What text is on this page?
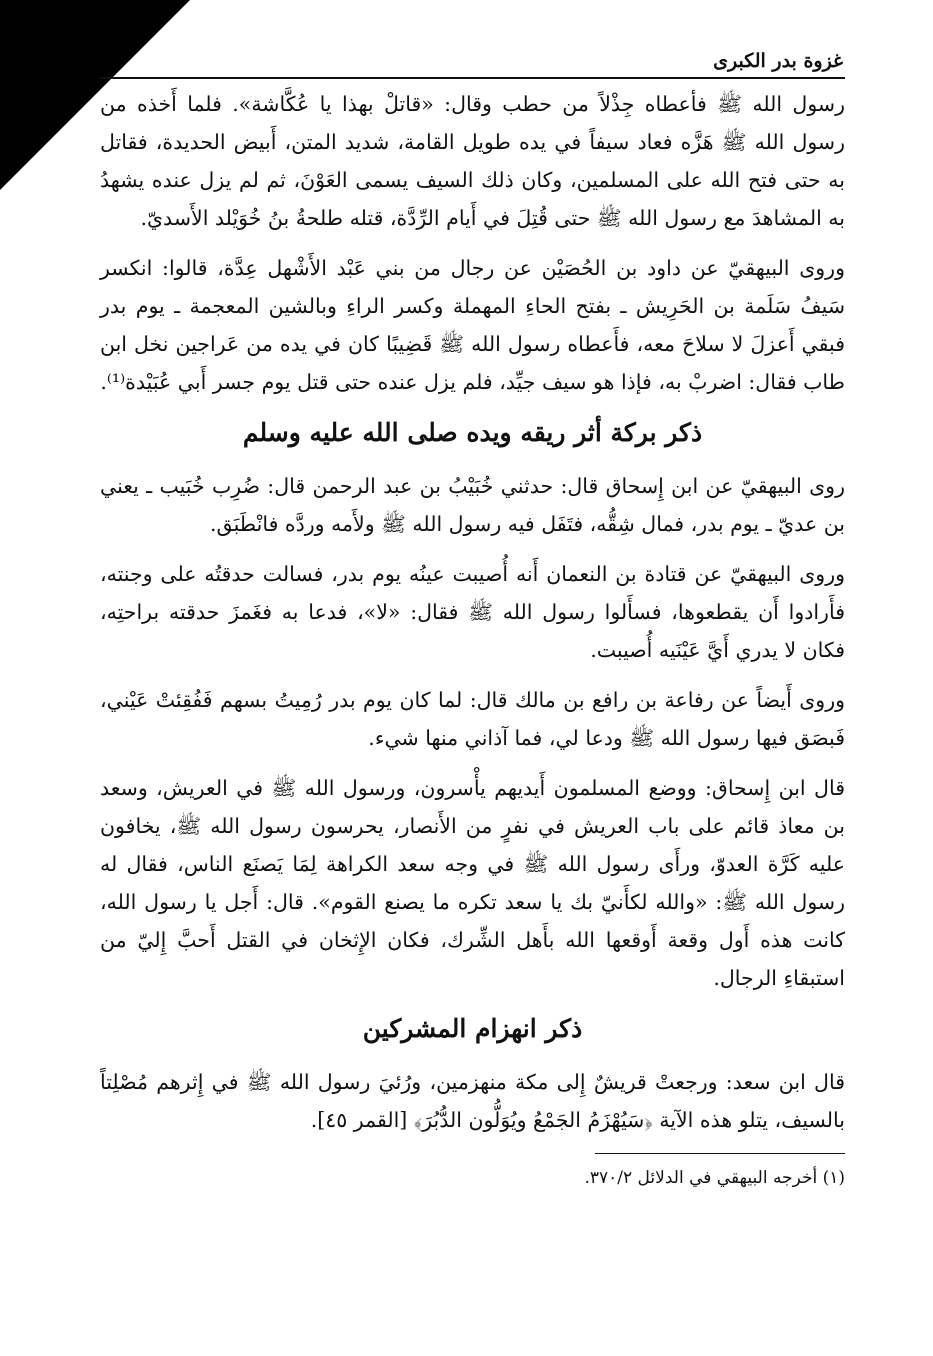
غزوة بدر الكبرى

رسول الله ﷺ فأعطاه جِذْلاً من حطب وقال: «قاتلْ بهذا يا عُكَّاشة». فلما أَخذه من رسول الله ﷺ هَزَّه فعاد سيفاً في يده طويل القامة، شديد المتن، أَبيض الحديدة، فقاتل به حتى فتح الله على المسلمين، وكان ذلك السيف يسمى العَوْنَ، ثم لم يزل عنده يشهدُ به المشاهدَ مع رسول الله ﷺ حتى قُتِلَ في أَيام الرِّدَّة، قتله طلحةُ بنُ خُوَيْلد الأَسديّ.

وروى البيهقيّ عن داود بن الحُصَيْن عن رجال من بني عَبْد الأَشْهل عِدَّة، قالوا: انكسر سَيفُ سَلَمة بن الحَرِيش ـ بفتح الحاءِ المهملة وكسر الراءِ وبالشين المعجمة ـ يوم بدر فبقي أَعزلَ لا سلاحَ معه، فأَعطاه رسول الله ﷺ قَضِيبًا كان في يده من عَراجين نخل ابن طاب فقال: اضربْ به، فإذا هو سيف جيِّد، فلم يزل عنده حتى قتل يوم جسر أَبي عُبَيْدة⁽¹⁾.

ذكر بركة أثر ريقه ويده صلى الله عليه وسلم

روى البيهقيّ عن ابن إِسحاق قال: حدثني خُبَيْبُ بن عبد الرحمن قال: ضُرِب خُبَيب ـ يعني بن عديّ ـ يوم بدر، فمال شِقُّه، فتَفَل فيه رسول الله ﷺ ولأَمه وردَّه فانْطَبَق.

وروى البيهقيّ عن قتادة بن النعمان أَنه أُصيبت عينُه يوم بدر، فسالت حدقتُه على وجنته، فأَرادوا أَن يقطعوها، فسأَلوا رسول الله ﷺ فقال: «لا»، فدعا به فغَمزَ حدقته براحتِه، فكان لا يدري أَيَّ عَيْنَيه أُصيبت.

وروى أَيضاً عن رفاعة بن رافع بن مالك قال: لما كان يوم بدر رُمِيتُ بسهم فَفُقِئتْ عَيْني، فَبصَق فيها رسول الله ﷺ ودعا لي، فما آذاني منها شيء.

قال ابن إِسحاق: ووضع المسلمون أَيديهم يأْسرون، ورسول الله ﷺ في العريش، وسعد بن معاذ قائم على باب العريش في نفرٍ من الأَنصار، يحرسون رسول الله ﷺ، يخافون عليه كَرَّة العدوّ، ورأَى رسول الله ﷺ في وجه سعد الكراهة لِمَا يَصنَع الناس، فقال له رسول الله ﷺ: «والله لكأَنيّ بك يا سعد تكره ما يصنع القوم». قال: أَجل يا رسول الله، كانت هذه أَول وقعة أَوقعها الله بأَهل الشِّرك، فكان الإِثخان في القتل أَحبَّ إِليّ من استبقاءِ الرجال.

ذكر انهزام المشركين

قال ابن سعد: ورجعتْ قريشٌ إِلى مكة منهزمين، ورُئيَ رسول الله ﷺ في إِثرهم مُصْلِتاً بالسيف، يتلو هذه الآية ﴿سَيُهْزَمُ الجَمْعُ ويُوَلُّون الدُّبُرَ﴾ [القمر ٤٥].

(١) أخرجه البيهقي في الدلائل ٣٧٠/٢.
